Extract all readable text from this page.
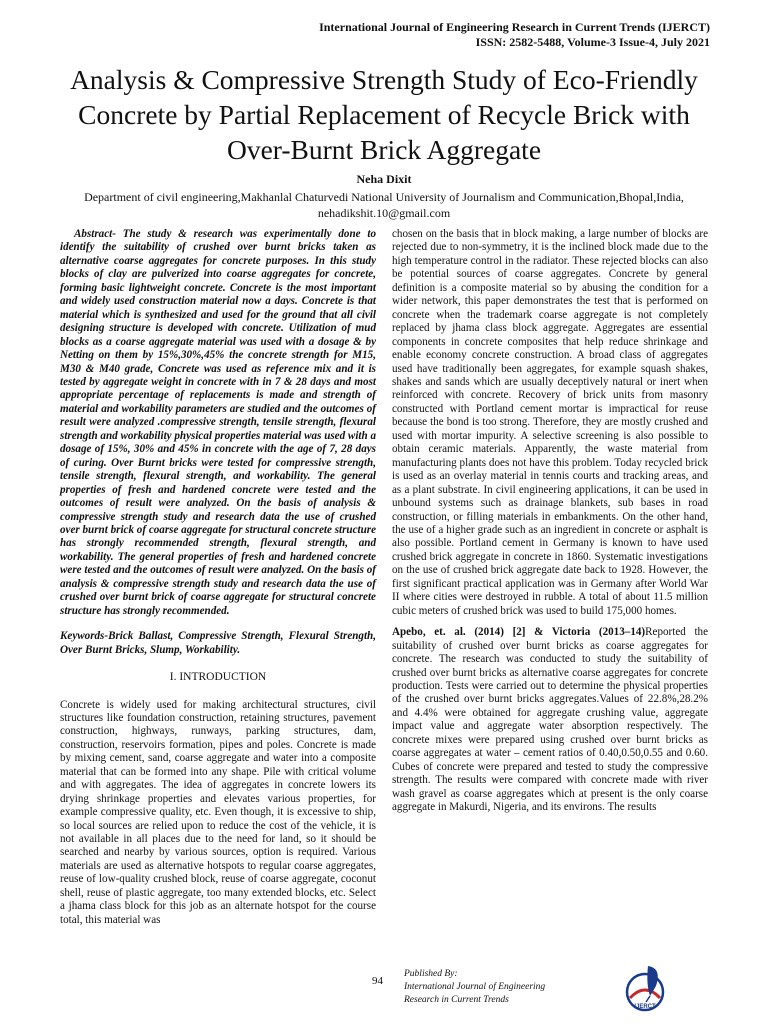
International Journal of Engineering Research in Current Trends (IJERCT)
ISSN: 2582-5488, Volume-3 Issue-4, July 2021
Analysis & Compressive Strength Study of Eco-Friendly Concrete by Partial Replacement of Recycle Brick with Over-Burnt Brick Aggregate
Neha Dixit
Department of civil engineering,Makhanlal Chaturvedi National University of Journalism and Communication,Bhopal,India,
nehadikshit.10@gmail.com

Abstract- The study & research was experimentally done to identify the suitability of crushed over burnt bricks taken as alternative coarse aggregates for concrete purposes. In this study blocks of clay are pulverized into coarse aggregates for concrete, forming basic lightweight concrete. Concrete is the most important and widely used construction material now a days. Concrete is that material which is synthesized and used for the ground that all civil designing structure is developed with concrete. Utilization of mud blocks as a coarse aggregate material was used with a dosage & by Netting on them by 15%,30%,45% the concrete strength for M15, M30 & M40 grade, Concrete was used as reference mix and it is tested by aggregate weight in concrete with in 7 & 28 days and most appropriate percentage of replacements is made and strength of material and workability parameters are studied and the outcomes of result were analyzed .compressive strength, tensile strength, flexural strength and workability physical properties material was used with a dosage of 15%, 30% and 45% in concrete with the age of 7, 28 days of curing. Over Burnt bricks were tested for compressive strength, tensile strength, flexural strength, and workability. The general properties of fresh and hardened concrete were tested and the outcomes of result were analyzed. On the basis of analysis & compressive strength study and research data the use of crushed over burnt brick of coarse aggregate for structural concrete structure has strongly recommended strength, flexural strength, and workability. The general properties of fresh and hardened concrete were tested and the outcomes of result were analyzed. On the basis of analysis & compressive strength study and research data the use of crushed over burnt brick of coarse aggregate for structural concrete structure has strongly recommended.

Keywords-Brick Ballast, Compressive Strength, Flexural Strength, Over Burnt Bricks, Slump, Workability.

I. INTRODUCTION

Concrete is widely used for making architectural structures, civil structures like foundation construction, retaining structures, pavement construction, highways, runways, parking structures, dam, construction, reservoirs formation, pipes and poles. Concrete is made by mixing cement, sand, coarse aggregate and water into a composite material that can be formed into any shape. Pile with critical volume and with aggregates. The idea of aggregates in concrete lowers its drying shrinkage properties and elevates various properties, for example compressive quality, etc. Even though, it is excessive to ship, so local sources are relied upon to reduce the cost of the vehicle, it is not available in all places due to the need for land, so it should be searched and nearby by various sources, option is required. Various materials are used as alternative hotspots to regular coarse aggregates, reuse of low-quality crushed block, reuse of coarse aggregate, coconut shell, reuse of plastic aggregate, too many extended blocks, etc. Select a jhama class block for this job as an alternate hotspot for the course total, this material was

chosen on the basis that in block making, a large number of blocks are rejected due to non-symmetry, it is the inclined block made due to the high temperature control in the radiator. These rejected blocks can also be potential sources of coarse aggregates. Concrete by general definition is a composite material so by abusing the condition for a wider network, this paper demonstrates the test that is performed on concrete when the trademark coarse aggregate is not completely replaced by jhama class block aggregate. Aggregates are essential components in concrete composites that help reduce shrinkage and enable economy concrete construction. A broad class of aggregates used have traditionally been aggregates, for example squash shakes, shakes and sands which are usually deceptively natural or inert when reinforced with concrete. Recovery of brick units from masonry constructed with Portland cement mortar is impractical for reuse because the bond is too strong. Therefore, they are mostly crushed and used with mortar impurity. A selective screening is also possible to obtain ceramic materials. Apparently, the waste material from manufacturing plants does not have this problem. Today recycled brick is used as an overlay material in tennis courts and tracking areas, and as a plant substrate. In civil engineering applications, it can be used in unbound systems such as drainage blankets, sub bases in road construction, or filling materials in embankments. On the other hand, the use of a higher grade such as an ingredient in concrete or asphalt is also possible. Portland cement in Germany is known to have used crushed brick aggregate in concrete in 1860. Systematic investigations on the use of crushed brick aggregate date back to 1928. However, the first significant practical application was in Germany after World War II where cities were destroyed in rubble. A total of about 11.5 million cubic meters of crushed brick was used to build 175,000 homes.

Apebo, et. al. (2014) [2] & Victoria (2013–14)Reported the suitability of crushed over burnt bricks as coarse aggregates for concrete. The research was conducted to study the suitability of crushed over burnt bricks as alternative coarse aggregates for concrete production. Tests were carried out to determine the physical properties of the crushed over burnt bricks aggregates.Values of 22.8%,28.2% and 4.4% were obtained for aggregate crushing value, aggregate impact value and aggregate water absorption respectively. The concrete mixes were prepared using crushed over burnt bricks as coarse aggregates at water – cement ratios of 0.40,0.50,0.55 and 0.60. Cubes of concrete were prepared and tested to study the compressive strength. The results were compared with concrete made with river wash gravel as coarse aggregates which at present is the only coarse aggregate in Makurdi, Nigeria, and its environs. The results

94
Published By:
International Journal of Engineering
Research in Current Trends
IJERCT
